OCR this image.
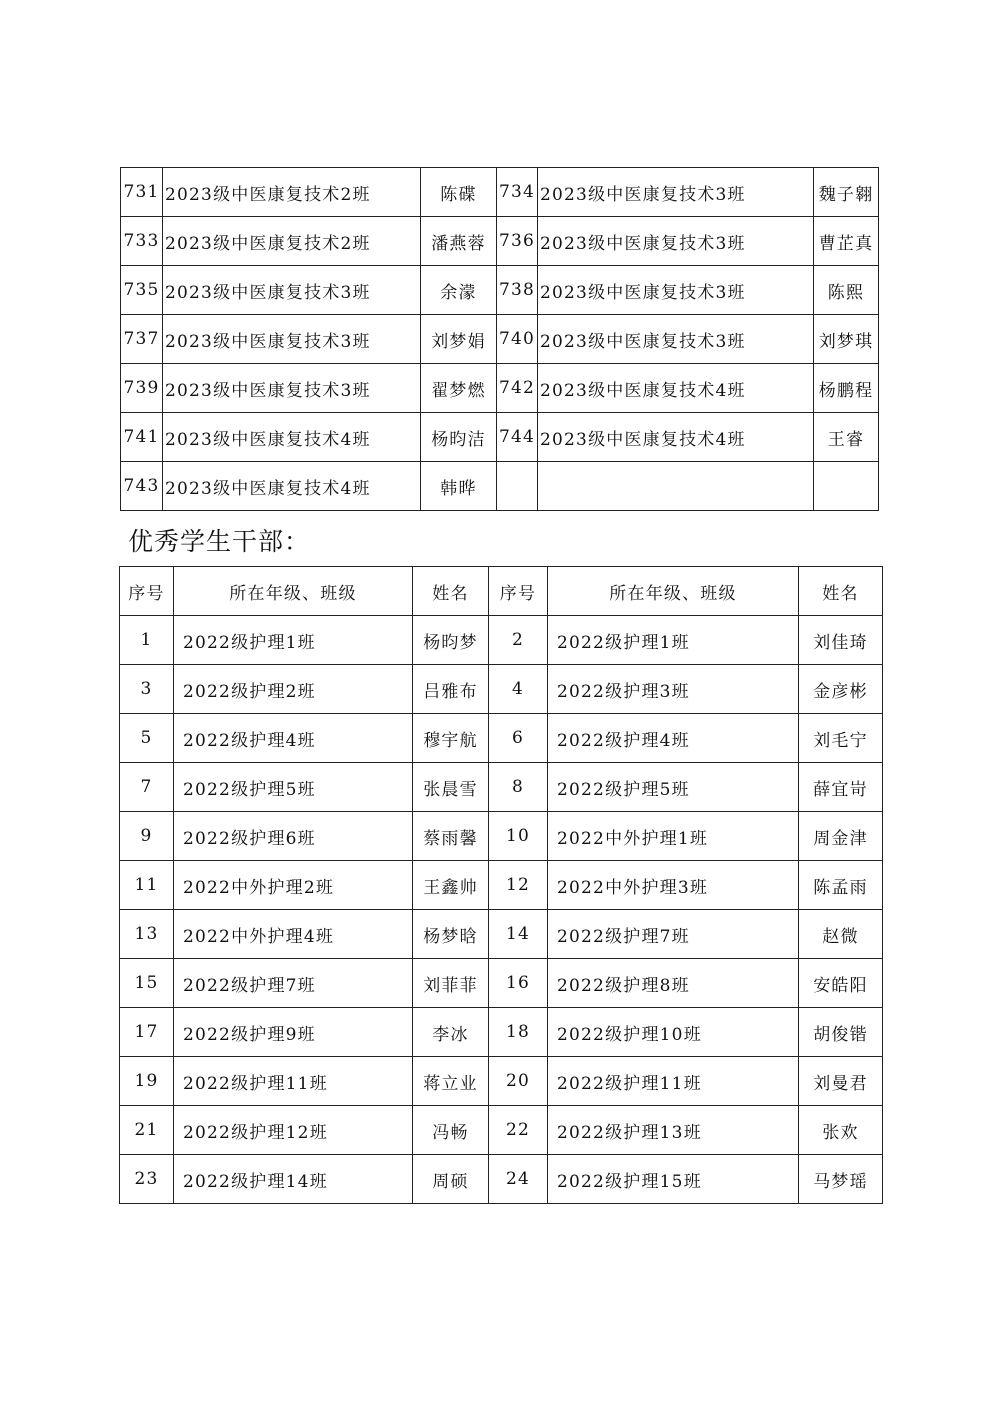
731	2023级中医康复技术2班	陈碟	734	2023级中医康复技术3班	魏子翱
733	2023级中医康复技术2班	潘燕蓉	736	2023级中医康复技术3班	曹芷真
735	2023级中医康复技术3班	余濛	738	2023级中医康复技术3班	陈熙
737	2023级中医康复技术3班	刘梦娟	740	2023级中医康复技术3班	刘梦琪
739	2023级中医康复技术3班	翟梦燃	742	2023级中医康复技术4班	杨鹏程
741	2023级中医康复技术4班	杨昀洁	744	2023级中医康复技术4班	王睿
743	2023级中医康复技术4班	韩晔			
优秀学生干部：
序号	所在年级、班级	姓名	序号	所在年级、班级	姓名
1	2022级护理1班	杨昀梦	2	2022级护理1班	刘佳琦
3	2022级护理2班	吕雅布	4	2022级护理3班	金彦彬
5	2022级护理4班	穆宇航	6	2022级护理4班	刘毛宁
7	2022级护理5班	张晨雪	8	2022级护理5班	薛宜岢
9	2022级护理6班	蔡雨馨	10	2022中外护理1班	周金津
11	2022中外护理2班	王鑫帅	12	2022中外护理3班	陈孟雨
13	2022中外护理4班	杨梦晗	14	2022级护理7班	赵微
15	2022级护理7班	刘菲菲	16	2022级护理8班	安皓阳
17	2022级护理9班	李冰	18	2022级护理10班	胡俊锴
19	2022级护理11班	蒋立业	20	2022级护理11班	刘曼君
21	2022级护理12班	冯畅	22	2022级护理13班	张欢
23	2022级护理14班	周硕	24	2022级护理15班	马梦瑶
